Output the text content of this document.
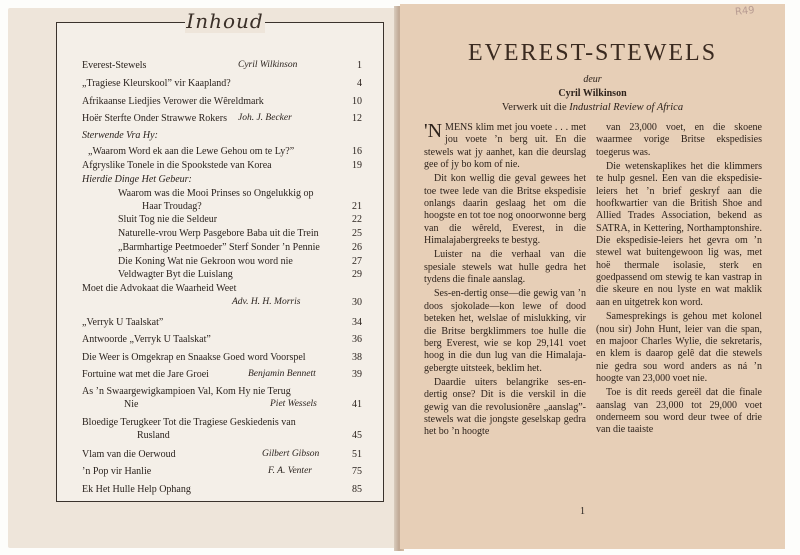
Inhoud
Everest-Stewels	Cyril Wilkinson	1
„Tragiese Kleurskool” vir Kaapland?	4
Afrikaanse Liedjies Verower die Wêreldmark	10
Hoër Sterfte Onder Strawwe Rokers Joh. J. Becker	12
Sterwende Vra Hy:
„Waarom Word ek aan die Lewe Gehou om te Ly?”	16
Afgryslike Tonele in die Spookstede van Korea	19
Hierdie Dinge Het Gebeur:
Waarom was die Mooi Prinses so Ongelukkig op
Haar Troudag?	21
Sluit Tog nie die Seldeur	22
Naturelle-vrou Werp Pasgebore Baba uit die Trein	25
„Barmhartige Peetmoeder” Sterf Sonder ’n Pennie	26
Die Koning Wat nie Gekroon wou word nie	27
Veldwagter Byt die Luislang	29
Moet die Advokaat die Waarheid Weet
Adv. H. H. Morris	30
„Verryk U Taalskat”	34
Antwoorde „Verryk U Taalskat”	36
Die Weer is Omgekrap en Snaakse Goed word Voorspel	38
Fortuine wat met die Jare Groei	Benjamin Bennett	39
As ’n Swaargewigkampioen Val, Kom Hy nie Terug
Nie	Piet Wessels	41
Bloedige Terugkeer Tot die Tragiese Geskiedenis van
Rusland	45
Vlam van die Oerwoud	Gilbert Gibson	51
’n Pop vir Hanlie	F. A. Venter	75
Ek Het Hulle Help Ophang	85
R49
EVEREST-STEWELS
deur
Cyril Wilkinson
Verwerk uit die Industrial Review of Africa

'N MENS klim met jou voete . . . met jou voete ’n berg uit. En die stewels wat jy aanhet, kan die deurslag gee of jy bo kom of nie.

Dit kon wellig die geval gewees het toe twee lede van die Britse ekspedisie onlangs daarin geslaag het om die hoogste en tot toe nog onoorwonne berg van die wêreld, Everest, in die Himalajabergreeks te bestyg.

Luister na die verhaal van die spesiale stewels wat hulle gedra het tydens die finale aanslag.

Ses-en-dertig onse—die gewig van ’n doos sjokolade—kon lewe of dood beteken het, welslae of mislukking, vir die Britse bergklimmers toe hulle die berg Everest, wie se kop 29,141 voet hoog in die dun lug van die Himalaja-gebergte uitsteek, beklim het.

Daardie uiters belangrike ses-en-dertig onse? Dit is die verskil in die gewig van die revolusionêre „aanslag”-stewels wat die jongste geselskap gedra het bo ’n hoogte

van 23,000 voet, en die skoene waarmee vorige Britse ekspedisies toegerus was.

Die wetenskaplikes het die klimmers te hulp gesnel. Een van die ekspedisie-leiers het ’n brief geskryf aan die hoofkwartier van die British Shoe and Allied Trades Association, bekend as SATRA, in Kettering, Northamptonshire. Die ekspedisie-leiers het gevra om ’n stewel wat buitengewoon lig was, met hoë thermale isolasie, sterk en goedpassend om stewig te kan vastrap in die skeure en nou lyste en wat maklik aan en uitgetrek kon word.

Samesprekings is gehou met kolonel (nou sir) John Hunt, leier van die span, en majoor Charles Wylie, die sekretaris, en klem is daarop gelê dat die stewels nie gedra sou word anders as ná ’n hoogte van 23,000 voet nie.

Toe is dit reeds gereël dat die finale aanslag van 23,000 tot 29,000 voet onderneem sou word deur twee of drie van die taaiste

1
